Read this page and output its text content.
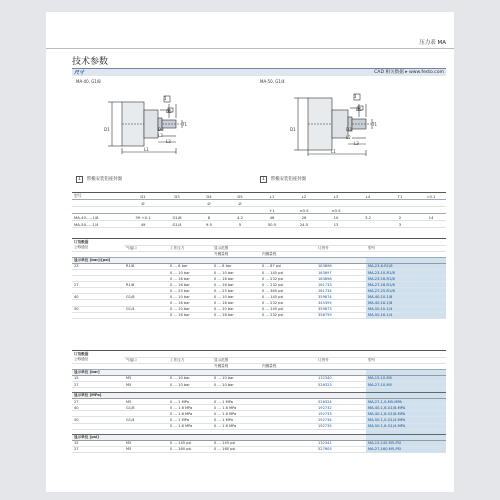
压力表 MA
技术参数
尺寸	CAD 相关数据 ▸ www.festo.com
MA-40, G1/8
D1	D3
L3
L2
L1
D5
T1
1
1 带搬安装铝座封圈
MA-50, G1/4
D1	D3
L3
L2
L1
D5
T1
1
1 带搬安装铝座封圈
型号	D1	D3	D4	D5	L1	L2	L3	L4	T1	=0.1
	Ø		Ø	Ø						
					+1	±0.5	±0.5			
MA-40-...-1/8	39 +0.1	G1/8	8	4.2	46	26	10	3.2	2	14
MA-50-...-1/4	49	G1/4	9.5	5	50.5	24.5	13		3	
订货数据						
公称通径	气接口	工作压力	显示范围		订货号	型号
			外圈量程	内圈量程		
显示单位 [bar]/[psi]						
23	R1/8	0 … 6 bar	0 … 6 bar	0 … 87 psi	183896	MA-23-6-R1/8
		0 … 10 bar	0 … 10 bar	0 … 145 psi	183897	MA-23-10-R1/8
		0 … 16 bar	0 … 16 bar	0 … 232 psi	183898	MA-23-16-R1/8
27	R1/8	0 … 16 bar	0 … 16 bar	0 … 232 psi	161733	MA-27-16-R1/8
		0 … 25 bar	0 … 25 bar	0 … 360 psi	161734	MA-27-25-R1/8
40	G1/8	0 … 10 bar	0 … 10 bar	0 … 145 psi	359874	MA-40-10-1/8
		0 … 16 bar	0 … 16 bar	0 … 232 psi	345395	MA-40-16-1/8
50	G1/4	0 … 10 bar	0 … 10 bar	0 … 145 psi	359873	MA-50-10-1/4
		0 … 16 bar	0 … 16 bar	0 … 232 psi	356759	MA-50-16-1/4
订货数据						
公称通径	气接口	工作压力	显示范围		订货号	型号
			外圈量程	内圈量程		
显示单位 [bar]						
15	M5	0 … 10 bar	0 … 10 bar		132340	MA-15-10-M5
27	M5	0 … 10 bar	0 … 10 bar		526323	MA-27-10-M5

显示单位 [MPa]						
27	M5	0 … 1 MPa	0 … 1 MPa		526324	MA-27-1,0-M5-MPA
40	G1/8	0 … 1.6 MPa	0 … 1.6 MPa		192732	MA-40-1,6-G1/8-MPA
		0 … 1.6 MPa	0 … 1.6 MPa		192733	MA-40-1,6-G1/8-MPA
50	G1/4	0 … 1 MPa	0 … 1 MPa		192734	MA-50-1,0-G1/4-MPA
		0 … 1.6 MPa	0 … 1.6 MPa		192735	MA-50-1,6-G1/4-MPA

显示单位 [psi]						
15	M5	0 … 145 psi	0 … 145 psi		132341	MA-15-145-M5-PSI
27	M5	0 … 160 psi	0 … 160 psi		527605	MA-27-160-M5-PSI
